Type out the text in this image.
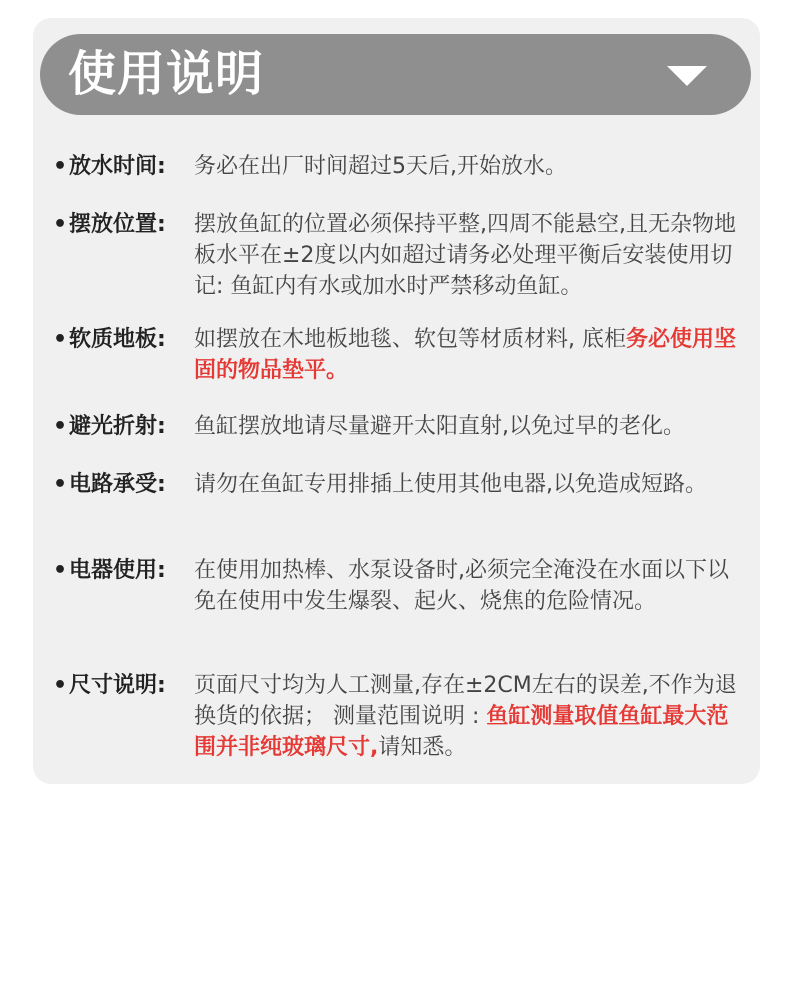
使用说明
• 放水时间: 务必在出厂时间超过5天后,开始放水。
• 摆放位置: 摆放鱼缸的位置必须保持平整,四周不能悬空,且无杂物地板水平在±2度以内如超过请务必处理平衡后安装使用切记: 鱼缸内有水或加水时严禁移动鱼缸。
• 软质地板: 如摆放在木地板地毯、软包等材质材料, 底柜务必使用坚固的物品垫平。
• 避光折射: 鱼缸摆放地请尽量避开太阳直射,以免过早的老化。
• 电路承受: 请勿在鱼缸专用排插上使用其他电器,以免造成短路。
• 电器使用: 在使用加热棒、水泵设备时,必须完全淹没在水面以下以免在使用中发生爆裂、起火、烧焦的危险情况。
• 尺寸说明: 页面尺寸均为人工测量,存在±2CM左右的误差,不作为退换货的依据； 测量范围说明 : 鱼缸测量取值鱼缸最大范围并非纯玻璃尺寸,请知悉。
